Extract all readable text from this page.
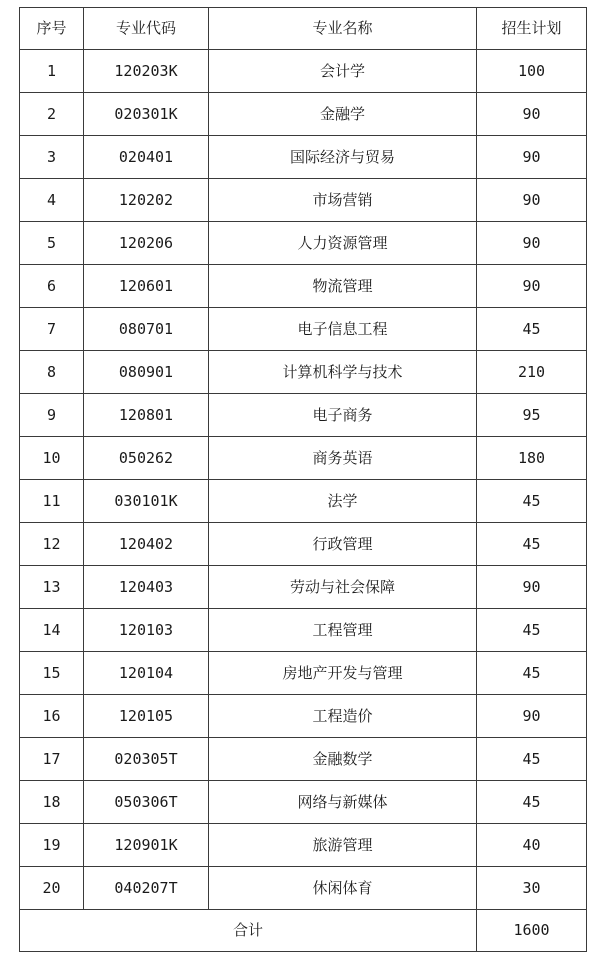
序号	专业代码	专业名称	招生计划
1	120203K	会计学	100
2	020301K	金融学	90
3	020401	国际经济与贸易	90
4	120202	市场营销	90
5	120206	人力资源管理	90
6	120601	物流管理	90
7	080701	电子信息工程	45
8	080901	计算机科学与技术	210
9	120801	电子商务	95
10	050262	商务英语	180
11	030101K	法学	45
12	120402	行政管理	45
13	120403	劳动与社会保障	90
14	120103	工程管理	45
15	120104	房地产开发与管理	45
16	120105	工程造价	90
17	020305T	金融数学	45
18	050306T	网络与新媒体	45
19	120901K	旅游管理	40
20	040207T	休闲体育	30
合计			1600
